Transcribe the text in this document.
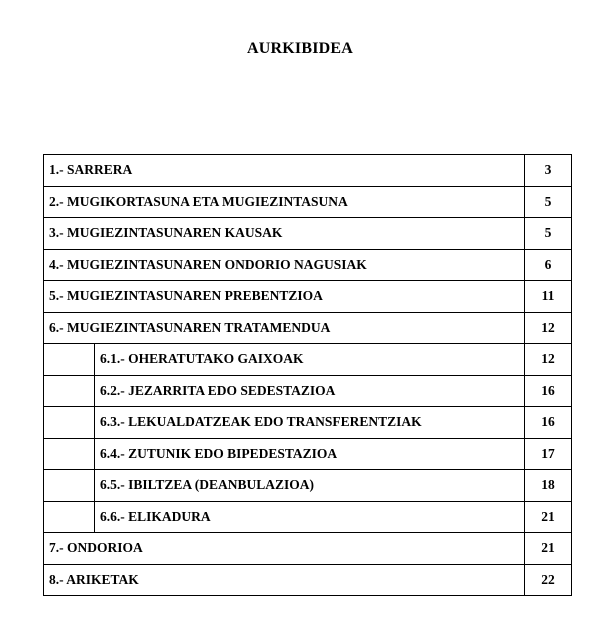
AURKIBIDEA
1.- SARRERA		3
2.- MUGIKORTASUNA ETA MUGIEZINTASUNA		5
3.- MUGIEZINTASUNAREN KAUSAK		5
4.- MUGIEZINTASUNAREN ONDORIO NAGUSIAK		6
5.- MUGIEZINTASUNAREN PREBENTZIOA		11
6.- MUGIEZINTASUNAREN TRATAMENDUA		12
	6.1.- OHERATUTAKO GAIXOAK	12
	6.2.- JEZARRITA EDO SEDESTAZIOA	16
	6.3.- LEKUALDATZEAK EDO TRANSFERENTZIAK	16
	6.4.- ZUTUNIK EDO BIPEDESTAZIOA	17
	6.5.- IBILTZEA (DEANBULAZIOA)	18
	6.6.- ELIKADURA	21
7.- ONDORIOA		21
8.- ARIKETAK		22
